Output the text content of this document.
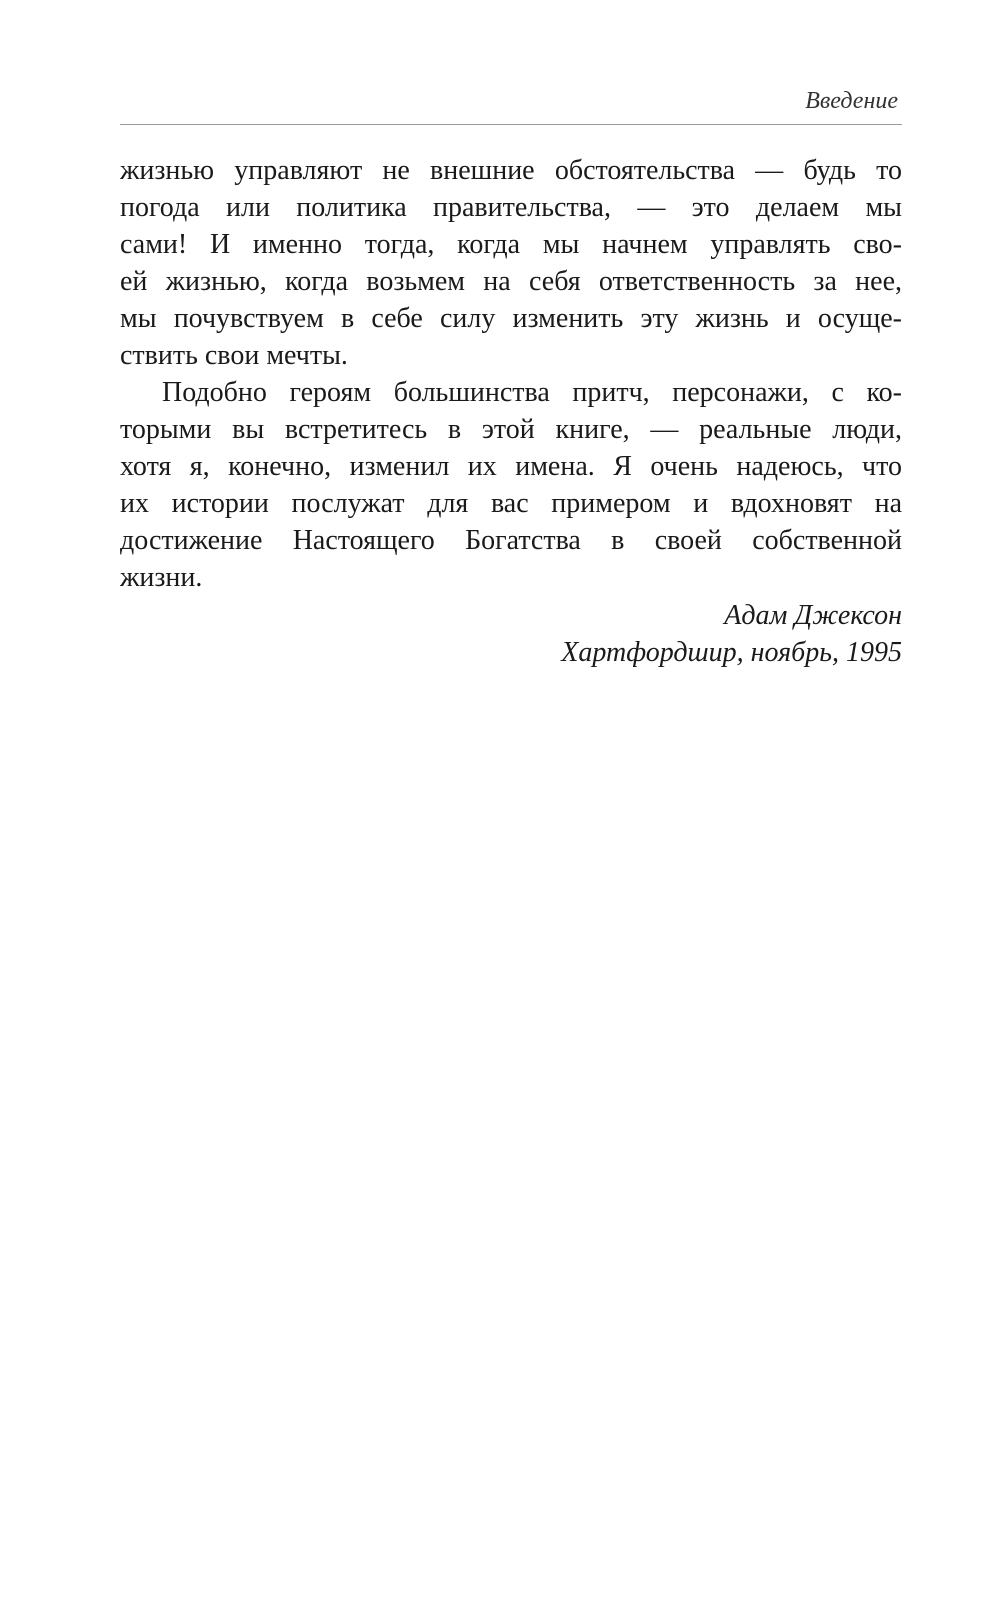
Введение

жизнью управляют не внешние обстоятельства — будь то
погода или политика правительства, — это делаем мы
сами! И именно тогда, когда мы начнем управлять сво-
ей жизнью, когда возьмем на себя ответственность за нее,
мы почувствуем в себе силу изменить эту жизнь и осуще-
ствить свои мечты.

Подобно героям большинства притч, персонажи, с ко-
торыми вы встретитесь в этой книге, — реальные люди,
хотя я, конечно, изменил их имена. Я очень надеюсь, что
их истории послужат для вас примером и вдохновят на
достижение Настоящего Богатства в своей собственной
жизни.

Адам Джексон
Хартфордшир, ноябрь, 1995
